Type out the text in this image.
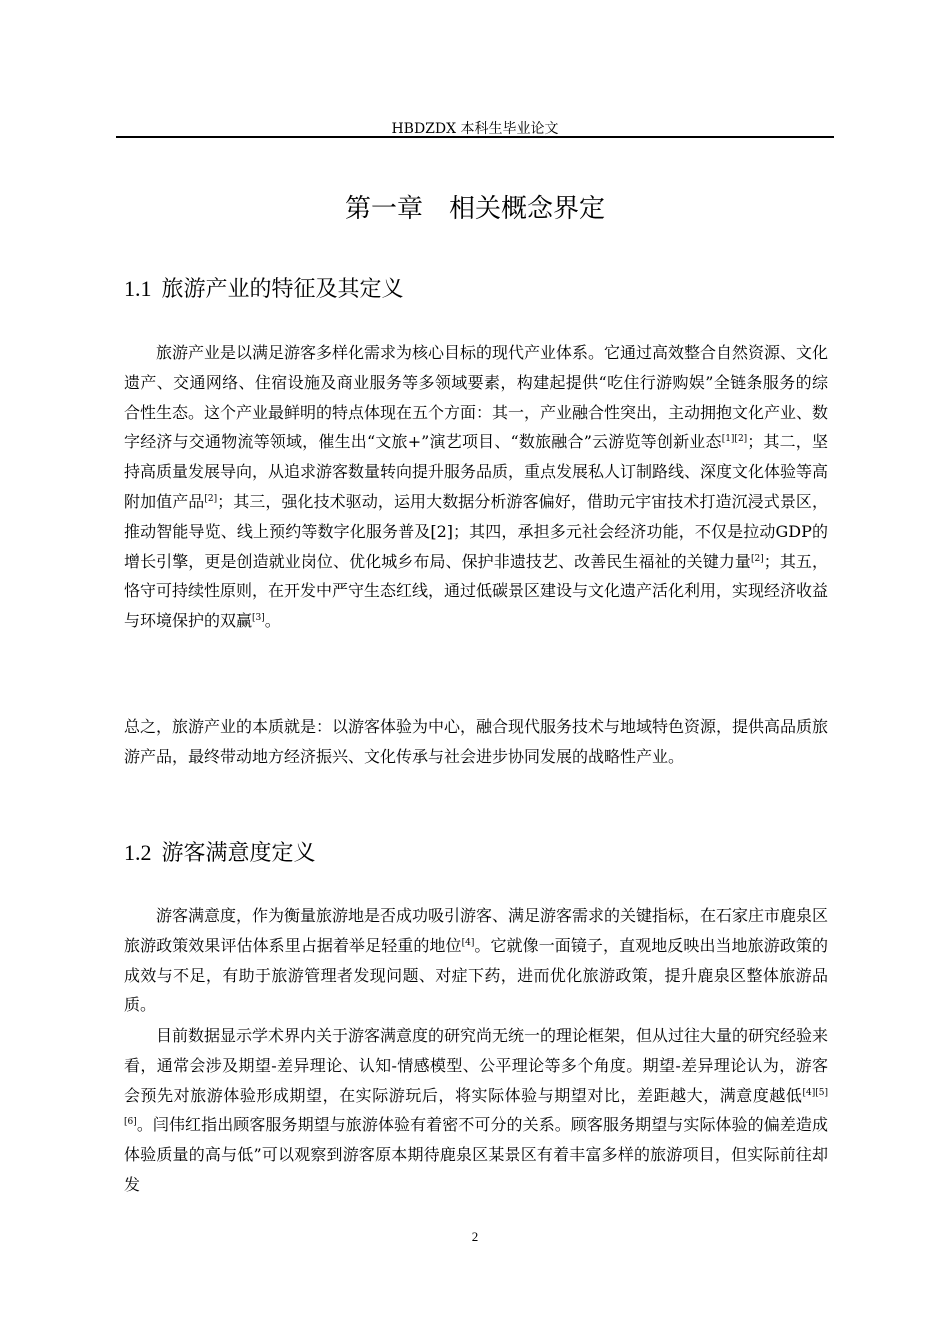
HBDZDX 本科生毕业论文
第一章 相关概念界定
1.1 旅游产业的特征及其定义

旅游产业是以满足游客多样化需求为核心目标的现代产业体系。它通过高效整合自然资源、文化遗产、交通网络、住宿设施及商业服务等多领域要素，构建起提供“吃住行游购娱”全链条服务的综合性生态。这个产业最鲜明的特点体现在五个方面：其一，产业融合性突出，主动拥抱文化产业、数字经济与交通物流等领域，催生出“文旅+”演艺项目、“数旅融合”云游览等创新业态[1][2]；其二，坚持高质量发展导向，从追求游客数量转向提升服务品质，重点发展私人订制路线、深度文化体验等高附加值产品[2]；其三，强化技术驱动，运用大数据分析游客偏好，借助元宇宙技术打造沉浸式景区，推动智能导览、线上预约等数字化服务普及[2]；其四，承担多元社会经济功能，不仅是拉动GDP的增长引擎，更是创造就业岗位、优化城乡布局、保护非遗技艺、改善民生福祉的关键力量[2]；其五，恪守可持续性原则，在开发中严守生态红线，通过低碳景区建设与文化遗产活化利用，实现经济收益与环境保护的双赢[3]。

总之，旅游产业的本质就是：以游客体验为中心，融合现代服务技术与地域特色资源，提供高品质旅游产品，最终带动地方经济振兴、文化传承与社会进步协同发展的战略性产业。

1.2 游客满意度定义

游客满意度，作为衡量旅游地是否成功吸引游客、满足游客需求的关键指标，在石家庄市鹿泉区旅游政策效果评估体系里占据着举足轻重的地位[4]。它就像一面镜子，直观地反映出当地旅游政策的成效与不足，有助于旅游管理者发现问题、对症下药，进而优化旅游政策，提升鹿泉区整体旅游品质。

目前数据显示学术界内关于游客满意度的研究尚无统一的理论框架，但从过往大量的研究经验来看，通常会涉及期望-差异理论、认知-情感模型、公平理论等多个角度。期望-差异理论认为，游客会预先对旅游体验形成期望，在实际游玩后，将实际体验与期望对比，差距越大，满意度越低[4][5][6]。闫伟红指出顾客服务期望与旅游体验有着密不可分的关系。顾客服务期望与实际体验的偏差造成体验质量的高与低”可以观察到游客原本期待鹿泉区某景区有着丰富多样的旅游项目，但实际前往却发

2
